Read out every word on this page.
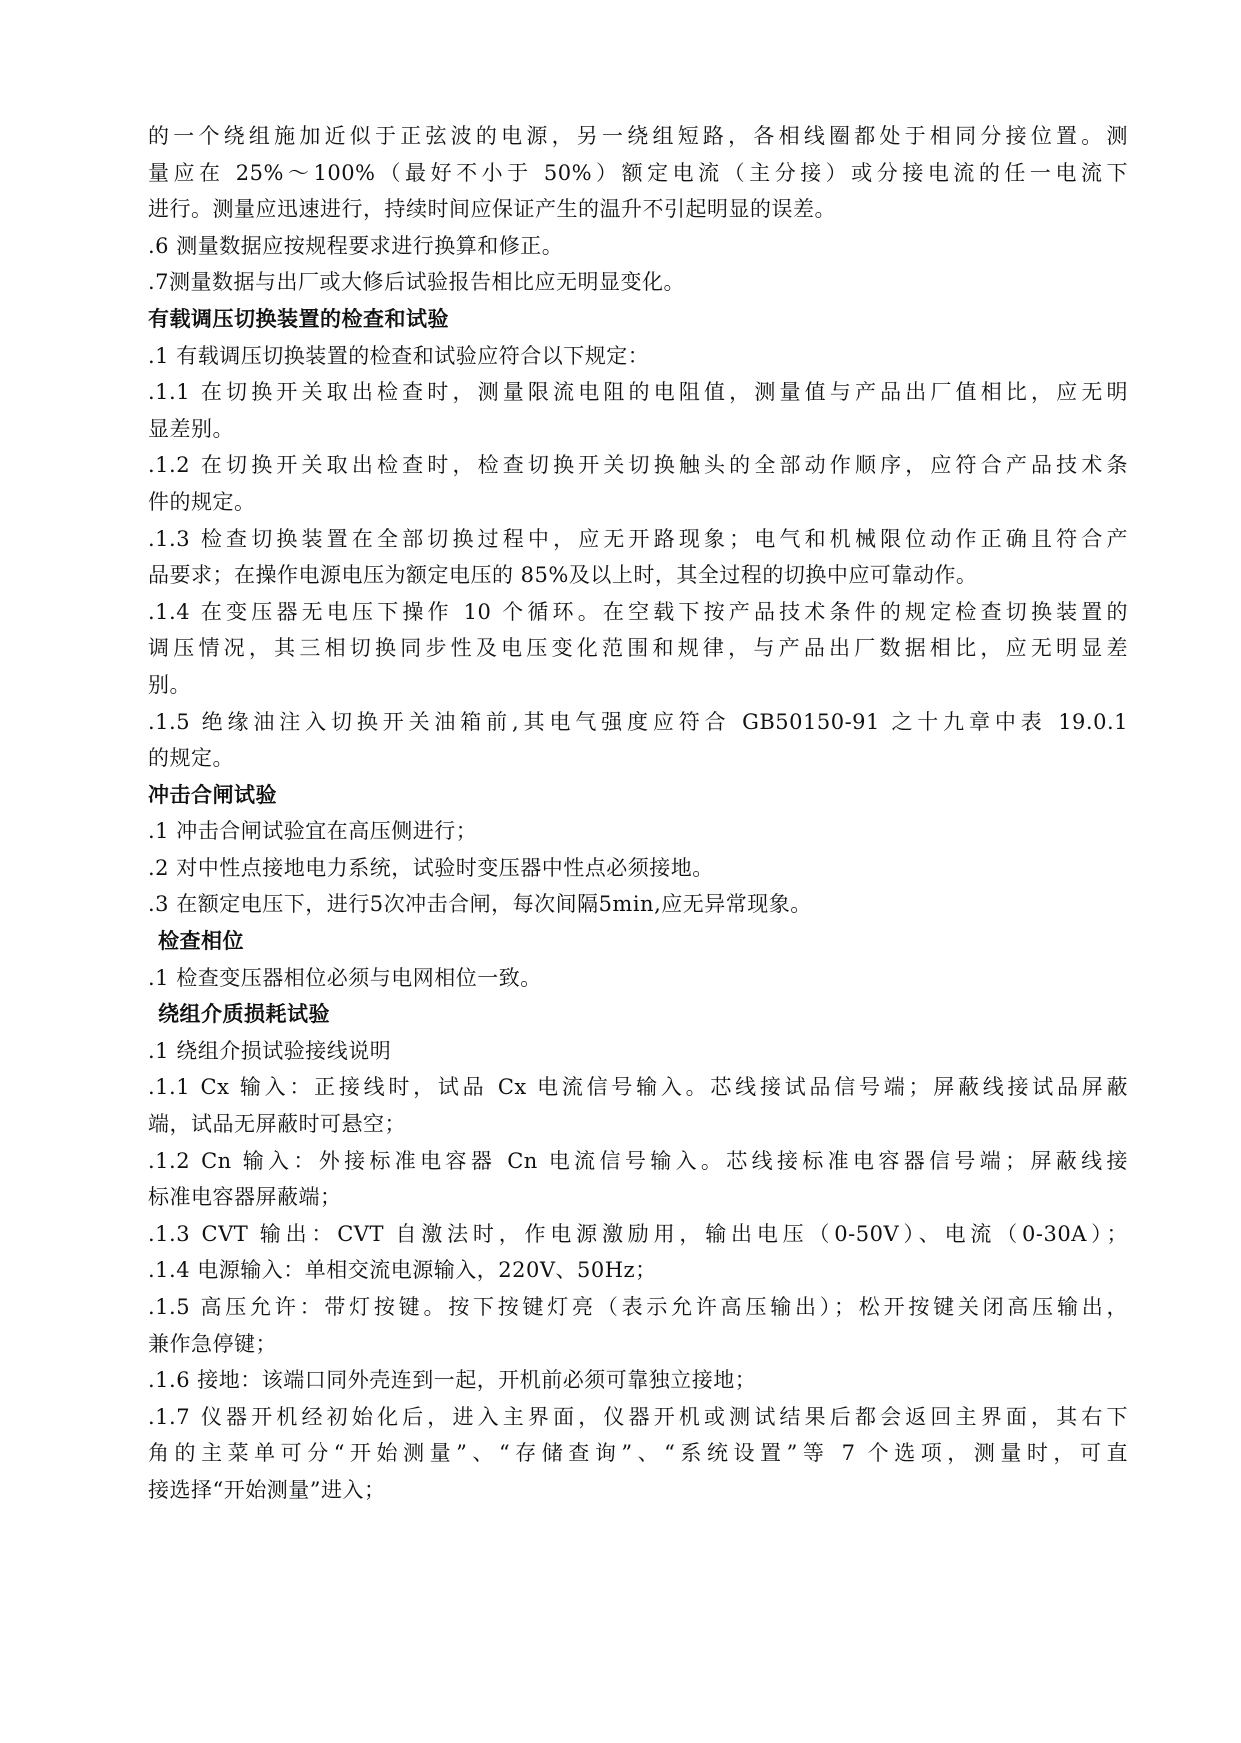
的一个绕组施加近似于正弦波的电源，另一绕组短路，各相线圈都处于相同分接位置。测
量应在 25%～100%（最好不小于 50%）额定电流（主分接）或分接电流的任一电流下
进行。测量应迅速进行，持续时间应保证产生的温升不引起明显的误差。
.6 测量数据应按规程要求进行换算和修正。
.7测量数据与出厂或大修后试验报告相比应无明显变化。
有载调压切换装置的检查和试验
.1 有载调压切换装置的检查和试验应符合以下规定：
.1.1 在切换开关取出检查时，测量限流电阻的电阻值，测量值与产品出厂值相比，应无明
显差别。
.1.2 在切换开关取出检查时，检查切换开关切换触头的全部动作顺序，应符合产品技术条
件的规定。
.1.3 检查切换装置在全部切换过程中，应无开路现象；电气和机械限位动作正确且符合产
品要求；在操作电源电压为额定电压的 85%及以上时，其全过程的切换中应可靠动作。
.1.4 在变压器无电压下操作 10 个循环。在空载下按产品技术条件的规定检查切换装置的
调压情况，其三相切换同步性及电压变化范围和规律，与产品出厂数据相比，应无明显差
别。
.1.5 绝缘油注入切换开关油箱前,其电气强度应符合 GB50150-91 之十九章中表 19.0.1
的规定。
冲击合闸试验
.1 冲击合闸试验宜在高压侧进行；
.2 对中性点接地电力系统，试验时变压器中性点必须接地。
.3 在额定电压下，进行5次冲击合闸，每次间隔5min,应无异常现象。
检查相位
.1 检查变压器相位必须与电网相位一致。
绕组介质损耗试验
.1 绕组介损试验接线说明
.1.1 Cx 输入：正接线时，试品 Cx 电流信号输入。芯线接试品信号端；屏蔽线接试品屏蔽
端，试品无屏蔽时可悬空；
.1.2 Cn 输入：外接标准电容器 Cn 电流信号输入。芯线接标准电容器信号端；屏蔽线接
标准电容器屏蔽端；
.1.3 CVT 输出：CVT 自激法时，作电源激励用，输出电压（0-50V）、电流（0-30A）；
.1.4 电源输入：单相交流电源输入，220V、50Hz；
.1.5 高压允许：带灯按键。按下按键灯亮（表示允许高压输出）；松开按键关闭高压输出，
兼作急停键；
.1.6 接地：该端口同外壳连到一起，开机前必须可靠独立接地；
.1.7 仪器开机经初始化后，进入主界面，仪器开机或测试结果后都会返回主界面，其右下
角的主菜单可分“开始测量”、“存储查询”、“系统设置”等 7 个选项，测量时，可直
接选择“开始测量”进入；
